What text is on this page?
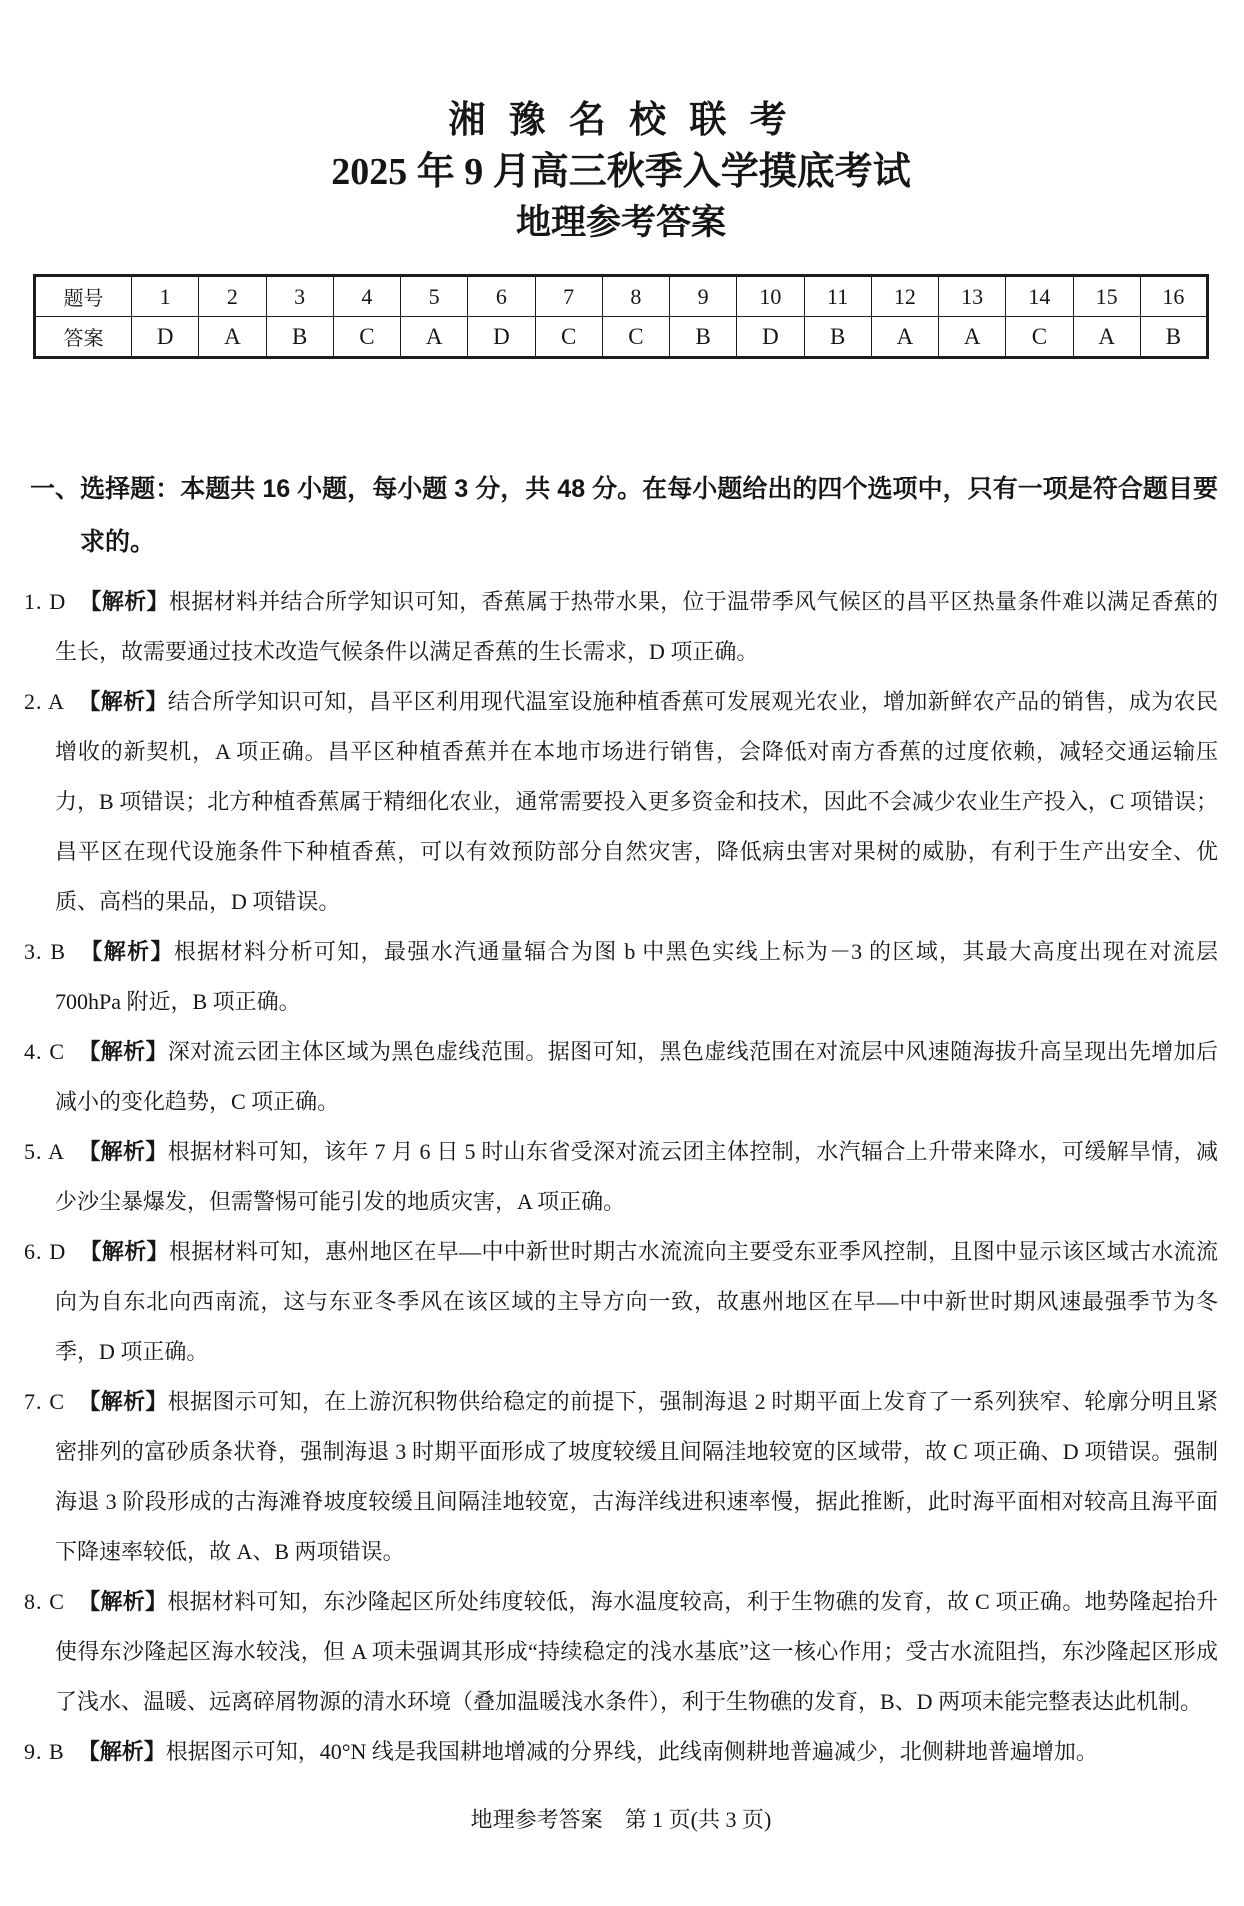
湘 豫 名 校 联 考
2025 年 9 月高三秋季入学摸底考试
地理参考答案
题号	1	2	3	4	5	6	7	8	9	10	11	12	13	14	15	16
答案	D	A	B	C	A	D	C	C	B	D	B	A	A	C	A	B
一、选择题：本题共 16 小题，每小题 3 分，共 48 分。在每小题给出的四个选项中，只有一项是符合题目要求的。

1. D 【解析】根据材料并结合所学知识可知，香蕉属于热带水果，位于温带季风气候区的昌平区热量条件难以满足香蕉的生长，故需要通过技术改造气候条件以满足香蕉的生长需求，D 项正确。

2. A 【解析】结合所学知识可知，昌平区利用现代温室设施种植香蕉可发展观光农业，增加新鲜农产品的销售，成为农民增收的新契机，A 项正确。昌平区种植香蕉并在本地市场进行销售，会降低对南方香蕉的过度依赖，减轻交通运输压力，B 项错误；北方种植香蕉属于精细化农业，通常需要投入更多资金和技术，因此不会减少农业生产投入，C 项错误；昌平区在现代设施条件下种植香蕉，可以有效预防部分自然灾害，降低病虫害对果树的威胁，有利于生产出安全、优质、高档的果品，D 项错误。

3. B 【解析】根据材料分析可知，最强水汽通量辐合为图 b 中黑色实线上标为－3 的区域，其最大高度出现在对流层 700hPa 附近，B 项正确。

4. C 【解析】深对流云团主体区域为黑色虚线范围。据图可知，黑色虚线范围在对流层中风速随海拔升高呈现出先增加后减小的变化趋势，C 项正确。

5. A 【解析】根据材料可知，该年 7 月 6 日 5 时山东省受深对流云团主体控制，水汽辐合上升带来降水，可缓解旱情，减少沙尘暴爆发，但需警惕可能引发的地质灾害，A 项正确。

6. D 【解析】根据材料可知，惠州地区在早—中中新世时期古水流流向主要受东亚季风控制，且图中显示该区域古水流流向为自东北向西南流，这与东亚冬季风在该区域的主导方向一致，故惠州地区在早—中中新世时期风速最强季节为冬季，D 项正确。

7. C 【解析】根据图示可知，在上游沉积物供给稳定的前提下，强制海退 2 时期平面上发育了一系列狭窄、轮廓分明且紧密排列的富砂质条状脊，强制海退 3 时期平面形成了坡度较缓且间隔洼地较宽的区域带，故 C 项正确、D 项错误。强制海退 3 阶段形成的古海滩脊坡度较缓且间隔洼地较宽，古海洋线进积速率慢，据此推断，此时海平面相对较高且海平面下降速率较低，故 A、B 两项错误。

8. C 【解析】根据材料可知，东沙隆起区所处纬度较低，海水温度较高，利于生物礁的发育，故 C 项正确。地势隆起抬升使得东沙隆起区海水较浅，但 A 项未强调其形成“持续稳定的浅水基底”这一核心作用；受古水流阻挡，东沙隆起区形成了浅水、温暖、远离碎屑物源的清水环境（叠加温暖浅水条件），利于生物礁的发育，B、D 两项未能完整表达此机制。

9. B 【解析】根据图示可知，40°N 线是我国耕地增减的分界线，此线南侧耕地普遍减少，北侧耕地普遍增加。

地理参考答案　第 1 页(共 3 页)
